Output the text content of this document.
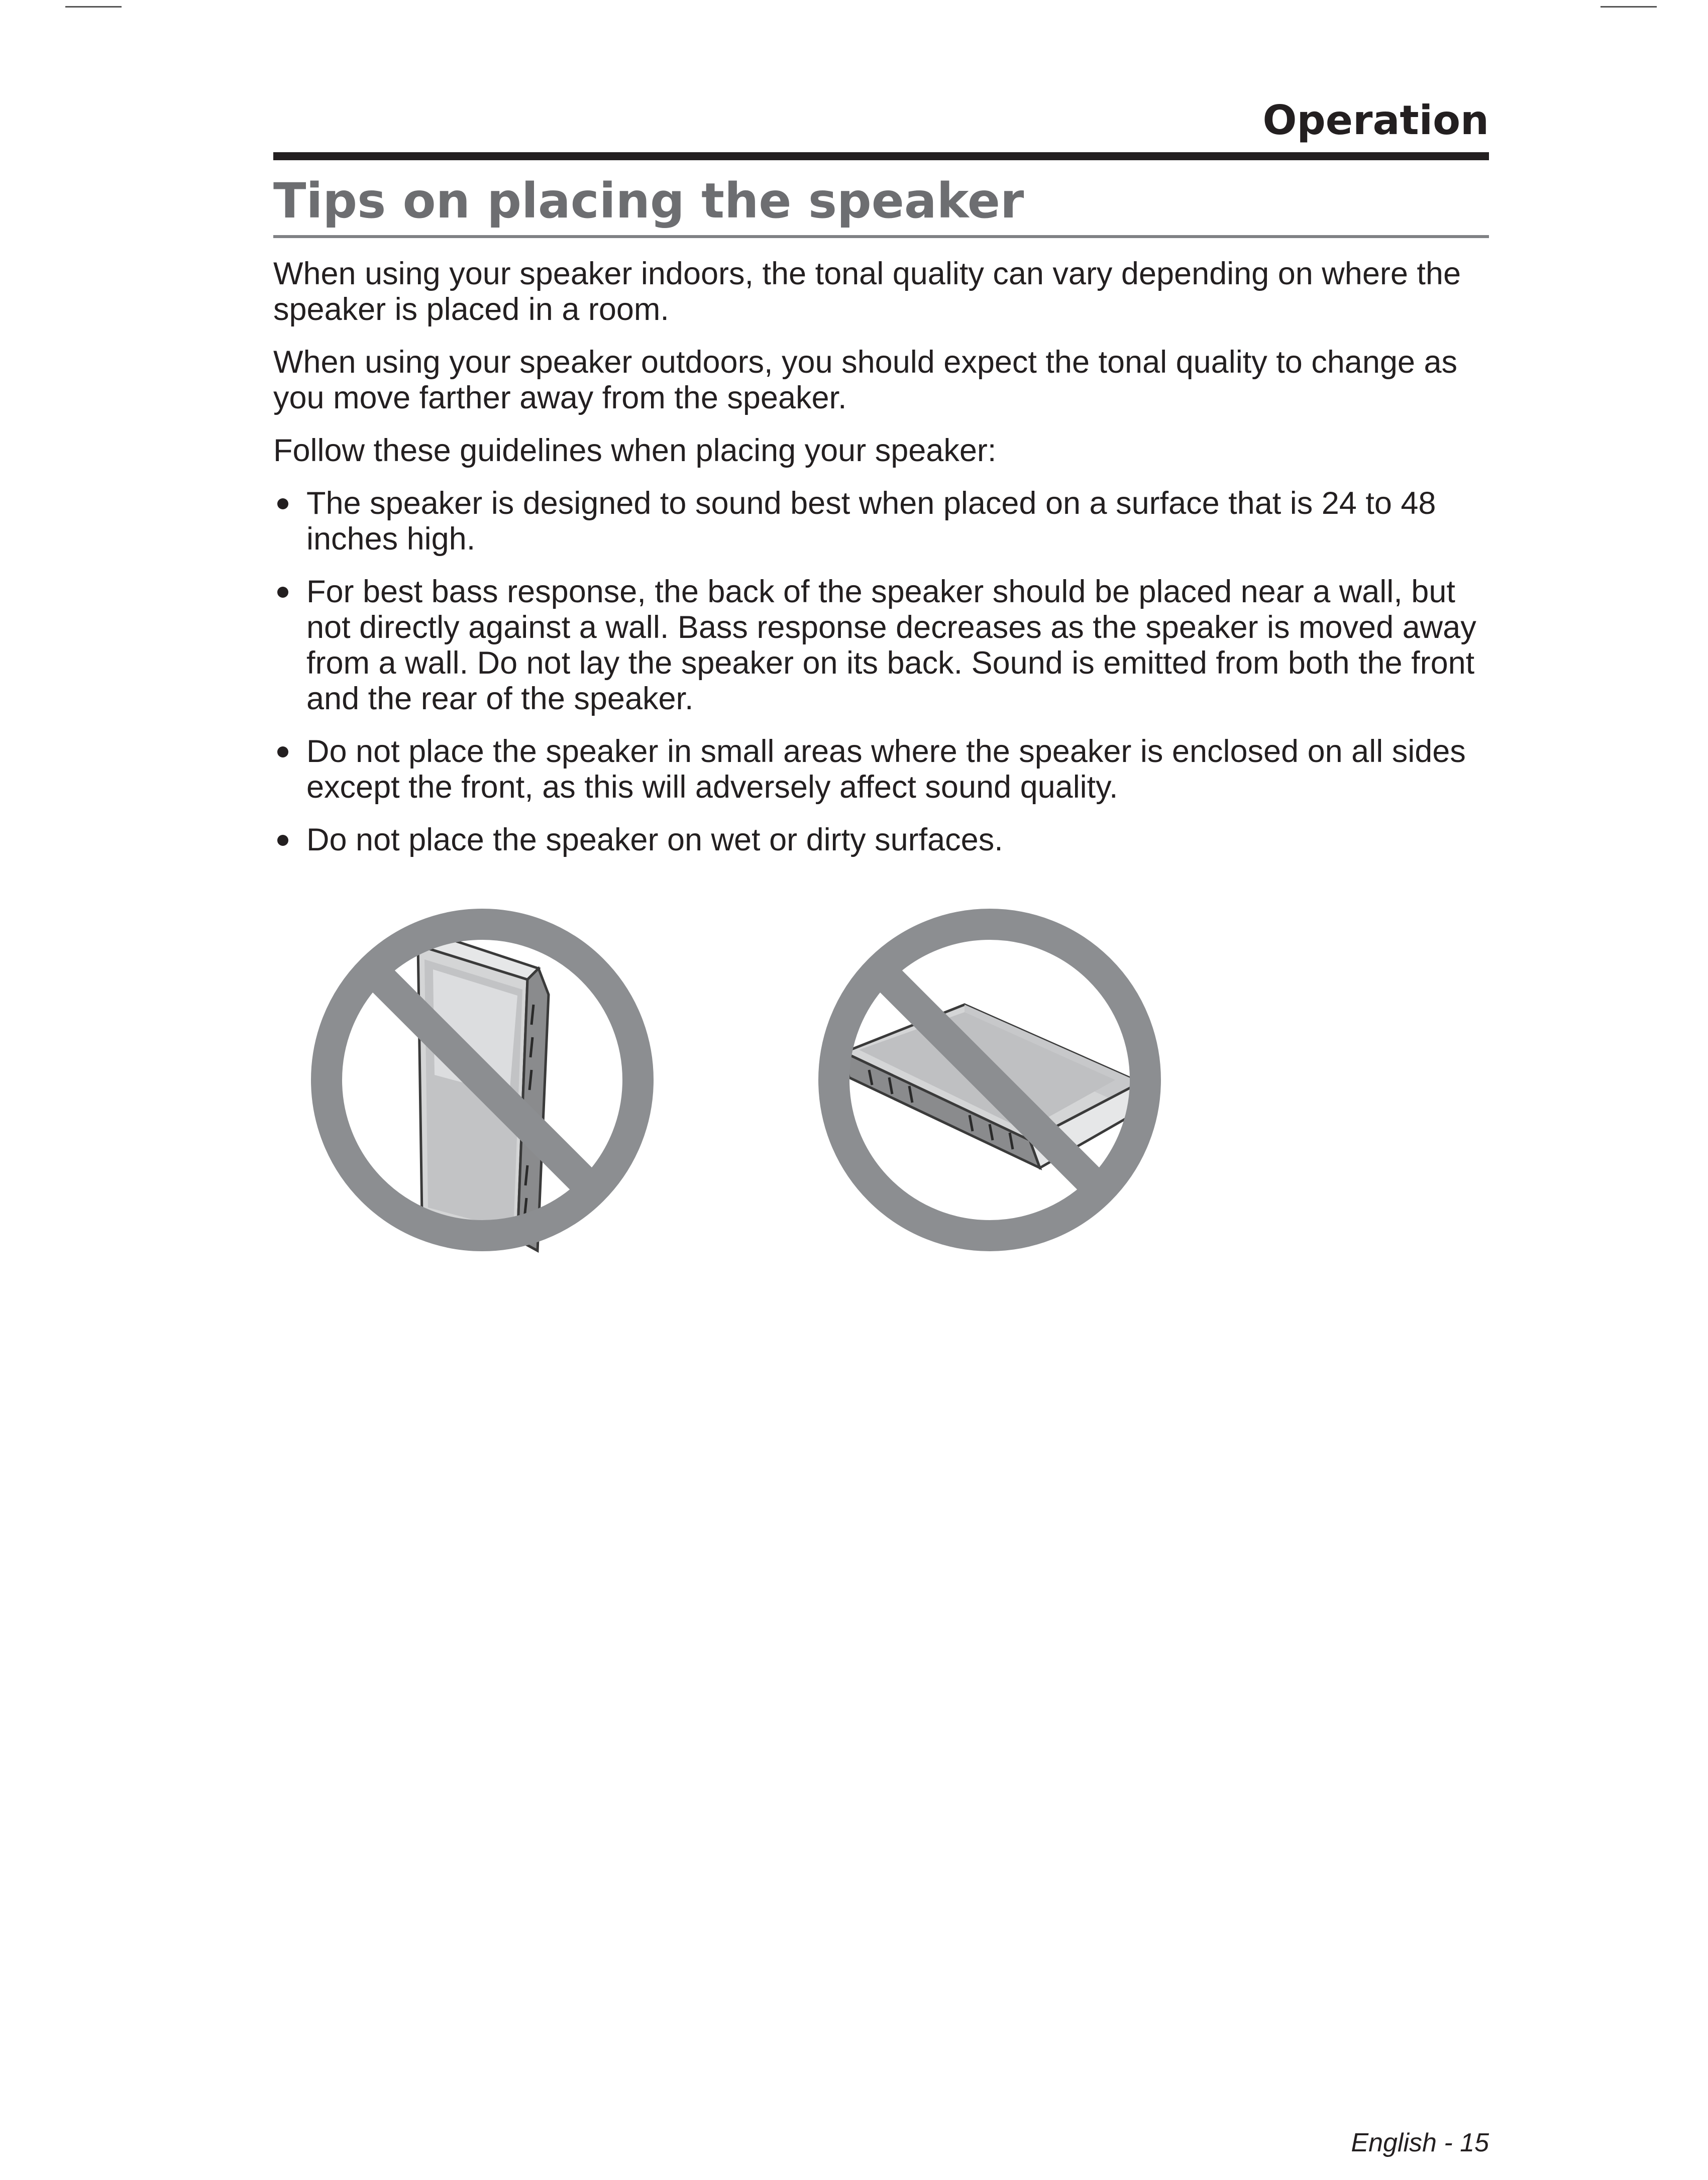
Operation
Tips on placing the speaker

When using your speaker indoors, the tonal quality can vary depending on where the speaker is placed in a room.

When using your speaker outdoors, you should expect the tonal quality to change as you move farther away from the speaker.

Follow these guidelines when placing your speaker:

The speaker is designed to sound best when placed on a surface that is 24 to 48 inches high.
For best bass response, the back of the speaker should be placed near a wall, but not directly against a wall. Bass response decreases as the speaker is moved away from a wall. Do not lay the speaker on its back. Sound is emitted from both the front and the rear of the speaker.
Do not place the speaker in small areas where the speaker is enclosed on all sides except the front, as this will adversely affect sound quality.
Do not place the speaker on wet or dirty surfaces.
English - 15
